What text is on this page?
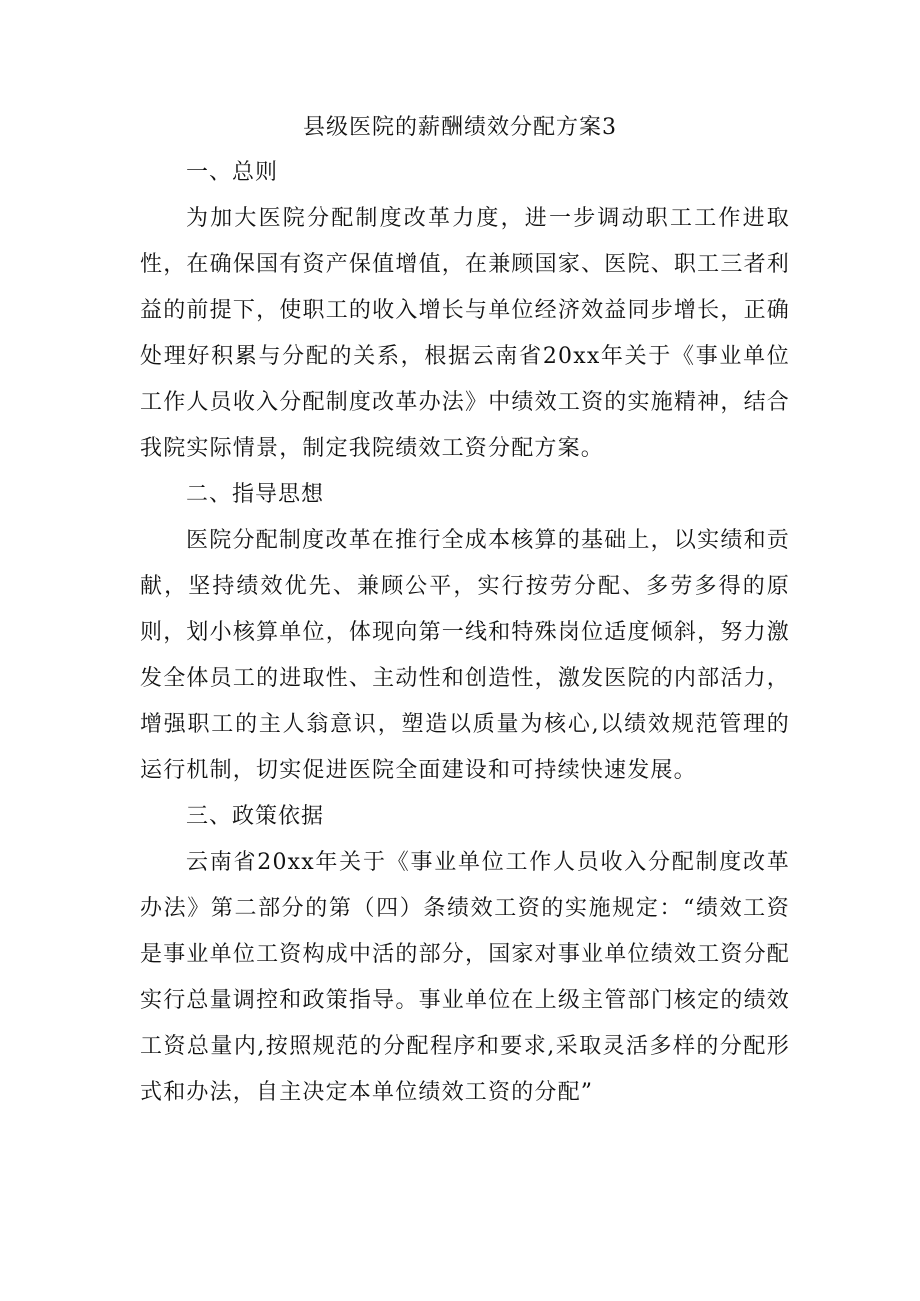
县级医院的薪酬绩效分配方案3

一、总则

为加大医院分配制度改革力度，进一步调动职工工作进取性，在确保国有资产保值增值，在兼顾国家、医院、职工三者利益的前提下，使职工的收入增长与单位经济效益同步增长，正确处理好积累与分配的关系，根据云南省20xx年关于《事业单位工作人员收入分配制度改革办法》中绩效工资的实施精神，结合我院实际情景，制定我院绩效工资分配方案。

二、指导思想

医院分配制度改革在推行全成本核算的基础上，以实绩和贡献，坚持绩效优先、兼顾公平，实行按劳分配、多劳多得的原则，划小核算单位，体现向第一线和特殊岗位适度倾斜，努力激发全体员工的进取性、主动性和创造性，激发医院的内部活力，增强职工的主人翁意识，塑造以质量为核心,以绩效规范管理的运行机制，切实促进医院全面建设和可持续快速发展。

三、政策依据

云南省20xx年关于《事业单位工作人员收入分配制度改革办法》第二部分的第（四）条绩效工资的实施规定：“绩效工资是事业单位工资构成中活的部分，国家对事业单位绩效工资分配实行总量调控和政策指导。事业单位在上级主管部门核定的绩效工资总量内,按照规范的分配程序和要求,采取灵活多样的分配形式和办法，自主决定本单位绩效工资的分配”
